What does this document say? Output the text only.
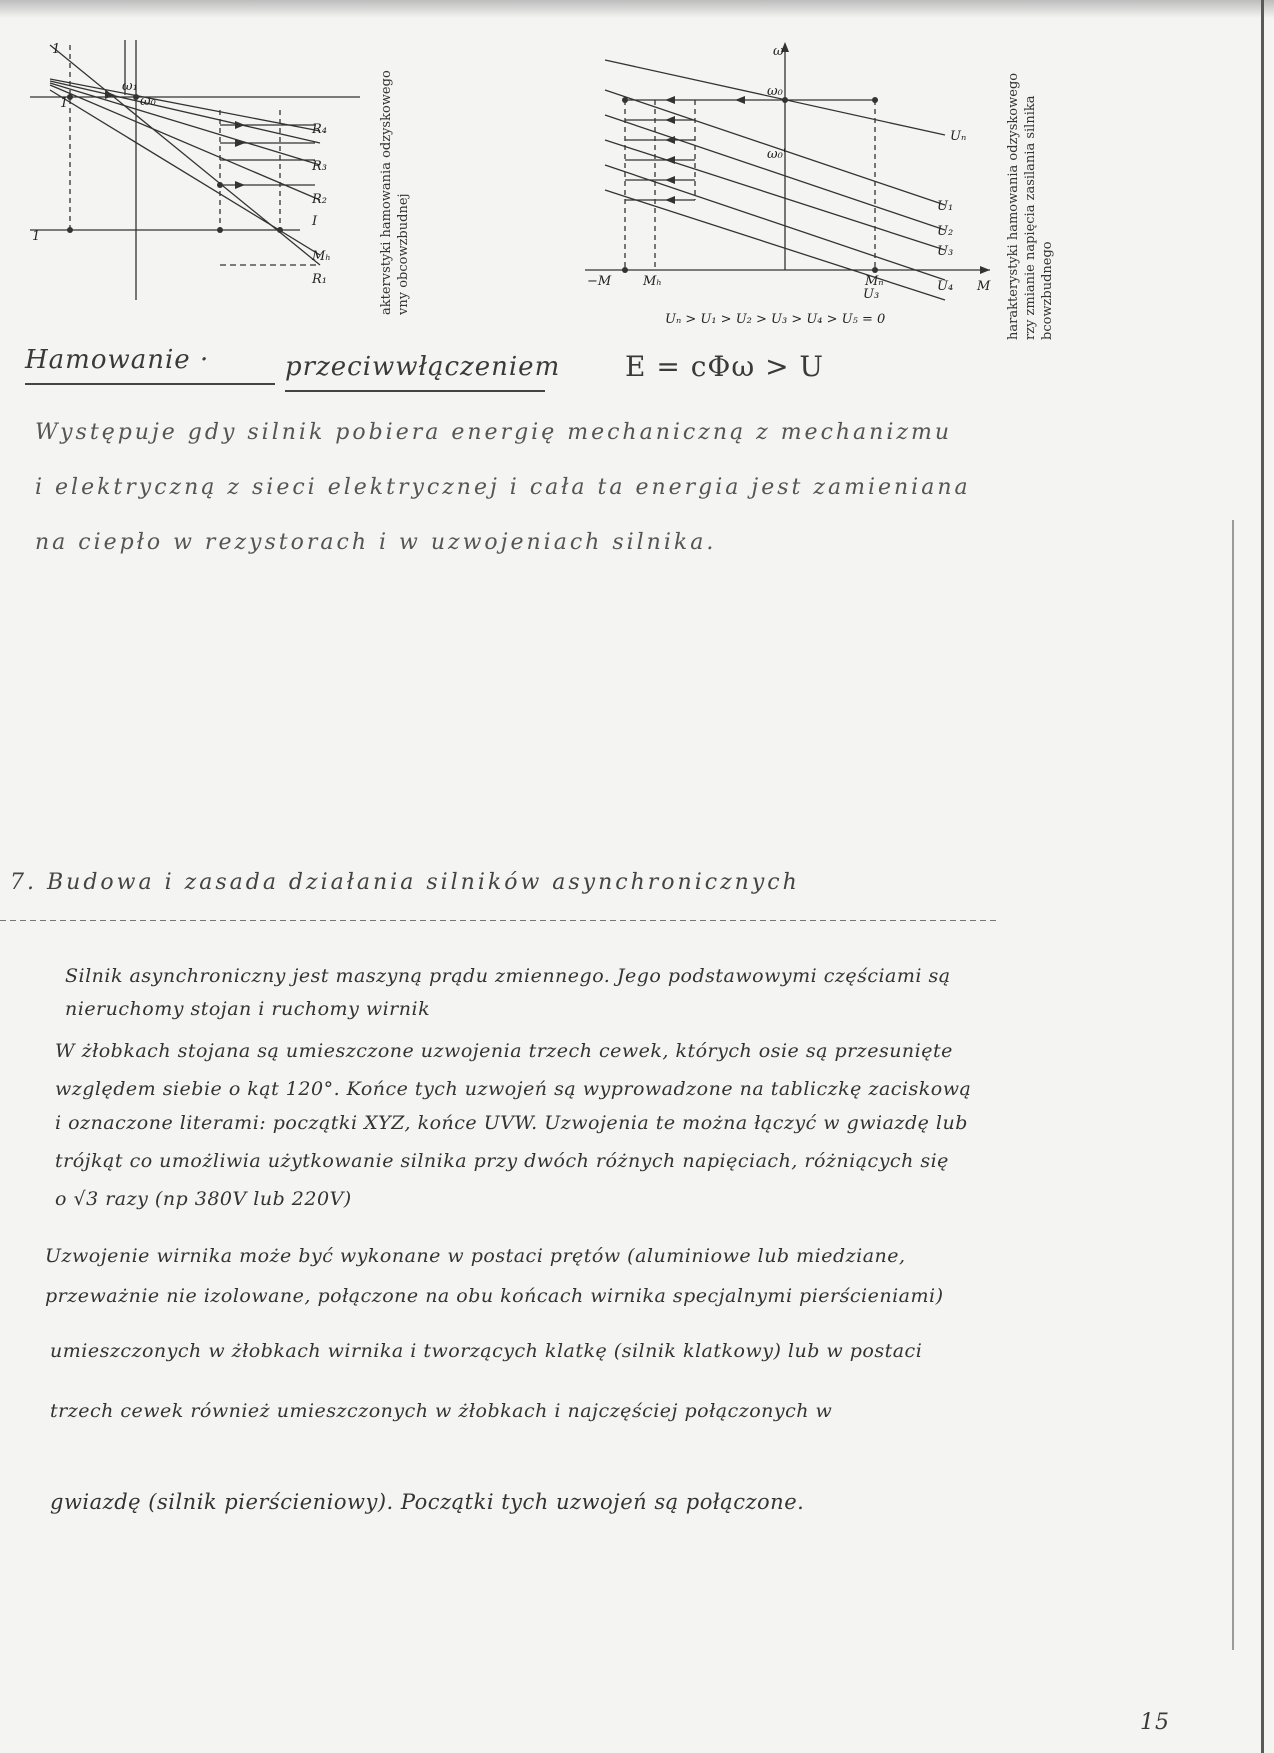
ω₀
ω₁
1
1
1
R₄
R₃
R₂
Mₕ
I
R₁	aktervstyki hamowania odzyskowego vny obcowzbudnej
ω
ω₀
ω₀'
Uₙ
U₁
U₂
U₃
U₄
U₃
−M Mₕ	Mₙ	M
Uₙ > U₁ > U₂ > U₃ > U₄ > U₅ = 0	harakterystyki hamowania odzyskowego rzy zmianie napięcia zasilania silnika bcowzbudnego
Hamowanie ·	przeciwwłączeniem E = cΦω > U
Występuje gdy silnik pobiera energię mechaniczną z mechanizmu
i elektryczną z sieci elektrycznej i cała ta energia jest zamieniana
na ciepło w rezystorach i w uzwojeniach silnika.
7. Budowa i zasada działania silników asynchronicznych
Silnik asynchroniczny jest maszyną prądu zmiennego. Jego podstawowymi częściami są
nieruchomy stojan i ruchomy wirnik
W żłobkach stojana są umieszczone uzwojenia trzech cewek, których osie są przesunięte
względem siebie o kąt 120°. Końce tych uzwojeń są wyprowadzone na tabliczkę zaciskową
i oznaczone literami: początki XYZ, końce UVW. Uzwojenia te można łączyć w gwiazdę lub
trójkąt co umożliwia użytkowanie silnika przy dwóch różnych napięciach, różniących się
o √3 razy (np 380V lub 220V)
Uzwojenie wirnika może być wykonane w postaci prętów (aluminiowe lub miedziane,
przeważnie nie izolowane, połączone na obu końcach wirnika specjalnymi pierścieniami)
umieszczonych w żłobkach wirnika i tworzących klatkę (silnik klatkowy) lub w postaci
trzech cewek również umieszczonych w żłobkach i najczęściej połączonych w
gwiazdę (silnik pierścieniowy). Początki tych uzwojeń są połączone.
15
